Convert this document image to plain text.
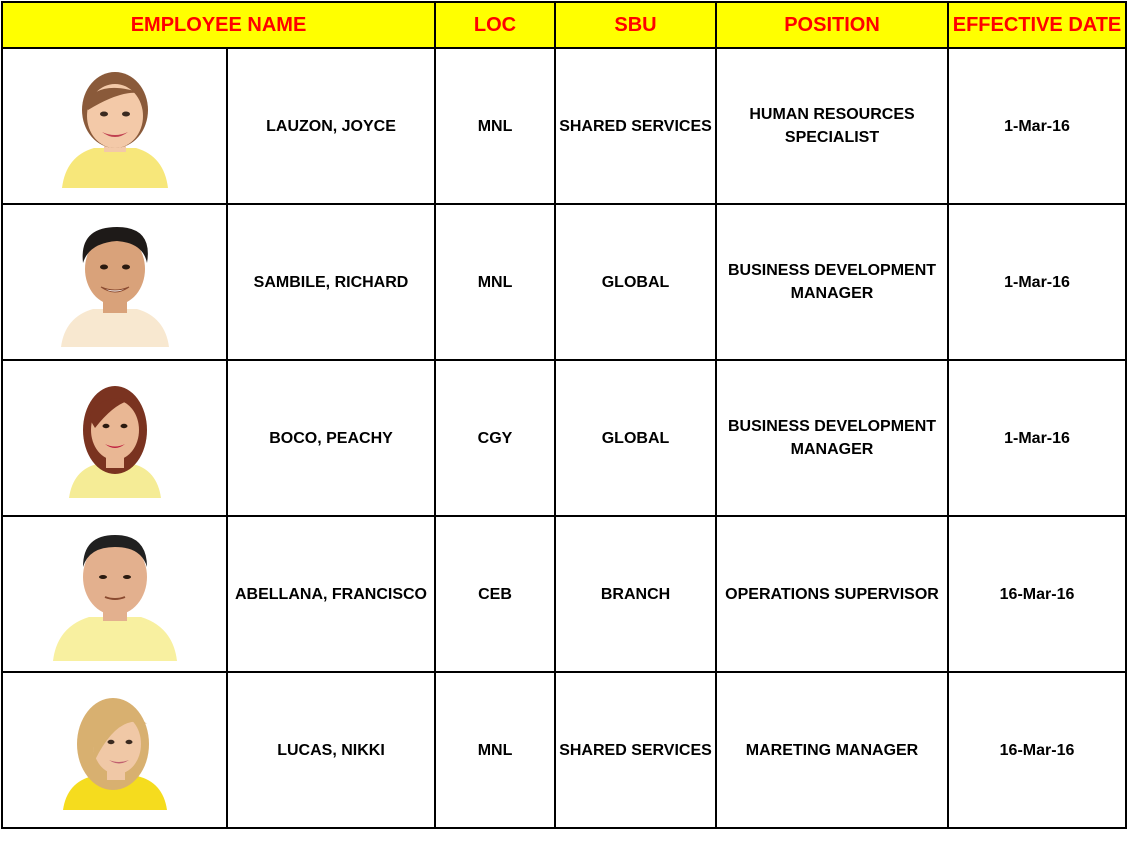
EMPLOYEE NAME		LOC	SBU	POSITION	EFFECTIVE DATE

	LAUZON, JOYCE	MNL	SHARED SERVICES	HUMAN RESOURCES
SPECIALIST	1-Mar-16

	SAMBILE, RICHARD	MNL	GLOBAL	BUSINESS DEVELOPMENT
MANAGER	1-Mar-16

	BOCO, PEACHY	CGY	GLOBAL	BUSINESS DEVELOPMENT
MANAGER	1-Mar-16

	ABELLANA, FRANCISCO	CEB	BRANCH	OPERATIONS SUPERVISOR	16-Mar-16

	LUCAS, NIKKI	MNL	SHARED SERVICES	MARETING MANAGER	16-Mar-16
